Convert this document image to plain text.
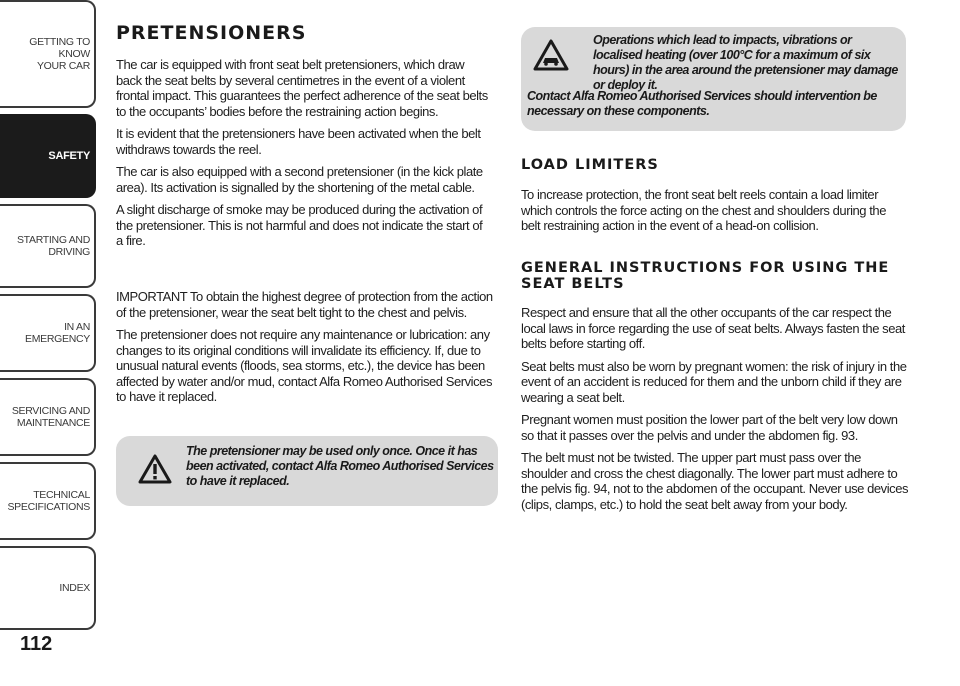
GETTING TO KNOW
YOUR CAR
SAFETY
STARTING AND
DRIVING
IN AN EMERGENCY
SERVICING AND
MAINTENANCE
TECHNICAL
SPECIFICATIONS
INDEX
112
PRETENSIONERS

The car is equipped with front seat belt pretensioners, which draw back the seat belts by several centimetres in the event of a violent frontal impact. This guarantees the perfect adherence of the seat belts to the occupants’ bodies before the restraining action begins.

It is evident that the pretensioners have been activated when the belt withdraws towards the reel.

The car is also equipped with a second pretensioner (in the kick plate area). Its activation is signalled by the shortening of the metal cable.

A slight discharge of smoke may be produced during the activation of the pretensioner. This is not harmful and does not indicate the start of a fire.

IMPORTANT To obtain the highest degree of protection from the action of the pretensioner, wear the seat belt tight to the chest and pelvis.

The pretensioner does not require any maintenance or lubrication: any changes to its original conditions will invalidate its efficiency. If, due to unusual natural events (floods, sea storms, etc.), the device has been affected by water and/or mud, contact Alfa Romeo Authorised Services to have it replaced.

The pretensioner may be used only once. Once it has been activated, contact Alfa Romeo Authorised Services to have it replaced.
Operations which lead to impacts, vibrations or localised heating (over 100°C for a maximum of six hours) in the area around the pretensioner may damage or deploy it.
Contact Alfa Romeo Authorised Services should intervention be necessary on these components.
LOAD LIMITERS

To increase protection, the front seat belt reels contain a load limiter which controls the force acting on the chest and shoulders during the belt restraining action in the event of a head-on collision.

GENERAL INSTRUCTIONS FOR USING THE SEAT BELTS

Respect and ensure that all the other occupants of the car respect the local laws in force regarding the use of seat belts. Always fasten the seat belts before starting off.

Seat belts must also be worn by pregnant women: the risk of injury in the event of an accident is reduced for them and the unborn child if they are wearing a seat belt.

Pregnant women must position the lower part of the belt very low down so that it passes over the pelvis and under the abdomen fig. 93.

The belt must not be twisted. The upper part must pass over the shoulder and cross the chest diagonally. The lower part must adhere to the pelvis fig. 94, not to the abdomen of the occupant. Never use devices (clips, clamps, etc.) to hold the seat belt away from your body.
